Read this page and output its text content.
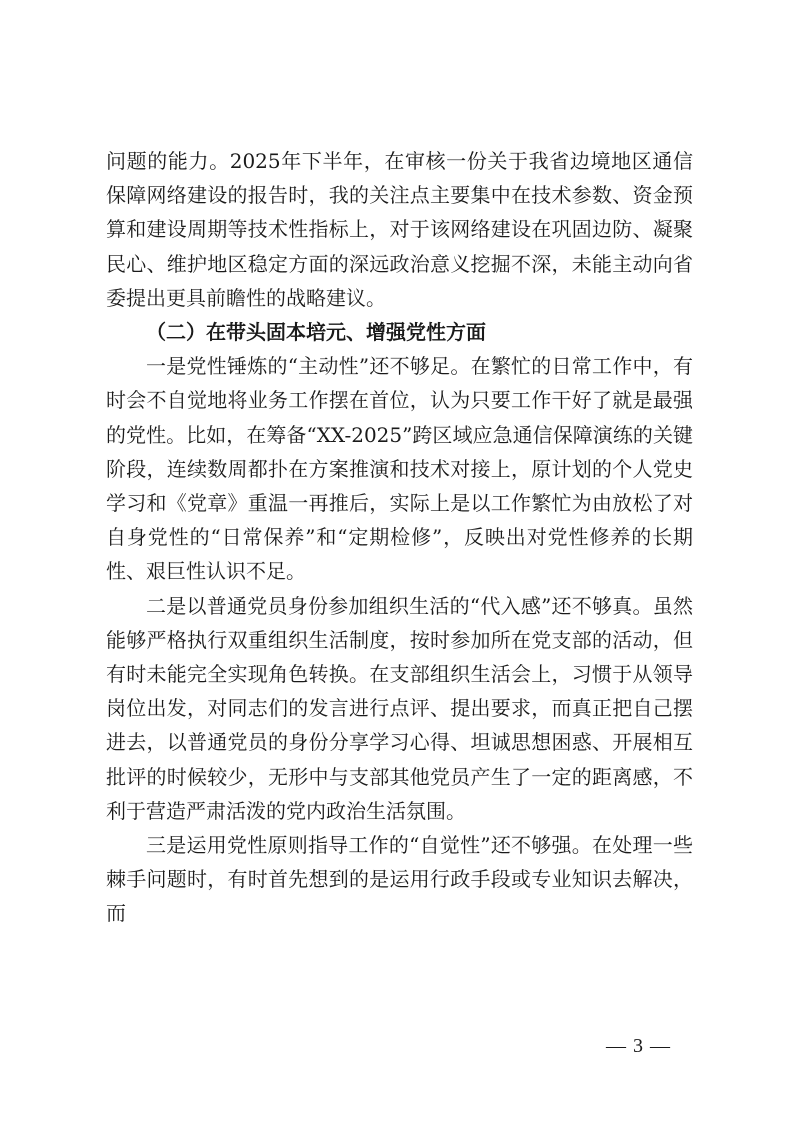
问题的能力。2025年下半年，在审核一份关于我省边境地区通信保障网络建设的报告时，我的关注点主要集中在技术参数、资金预算和建设周期等技术性指标上，对于该网络建设在巩固边防、凝聚民心、维护地区稳定方面的深远政治意义挖掘不深，未能主动向省委提出更具前瞻性的战略建议。

（二）在带头固本培元、增强党性方面

一是党性锤炼的“主动性”还不够足。在繁忙的日常工作中，有时会不自觉地将业务工作摆在首位，认为只要工作干好了就是最强的党性。比如，在筹备“XX-2025”跨区域应急通信保障演练的关键阶段，连续数周都扑在方案推演和技术对接上，原计划的个人党史学习和《党章》重温一再推后，实际上是以工作繁忙为由放松了对自身党性的“日常保养”和“定期检修”，反映出对党性修养的长期性、艰巨性认识不足。

二是以普通党员身份参加组织生活的“代入感”还不够真。虽然能够严格执行双重组织生活制度，按时参加所在党支部的活动，但有时未能完全实现角色转换。在支部组织生活会上，习惯于从领导岗位出发，对同志们的发言进行点评、提出要求，而真正把自己摆进去，以普通党员的身份分享学习心得、坦诚思想困惑、开展相互批评的时候较少，无形中与支部其他党员产生了一定的距离感，不利于营造严肃活泼的党内政治生活氛围。

三是运用党性原则指导工作的“自觉性”还不够强。在处理一些棘手问题时，有时首先想到的是运用行政手段或专业知识去解决，而

— 3 —
